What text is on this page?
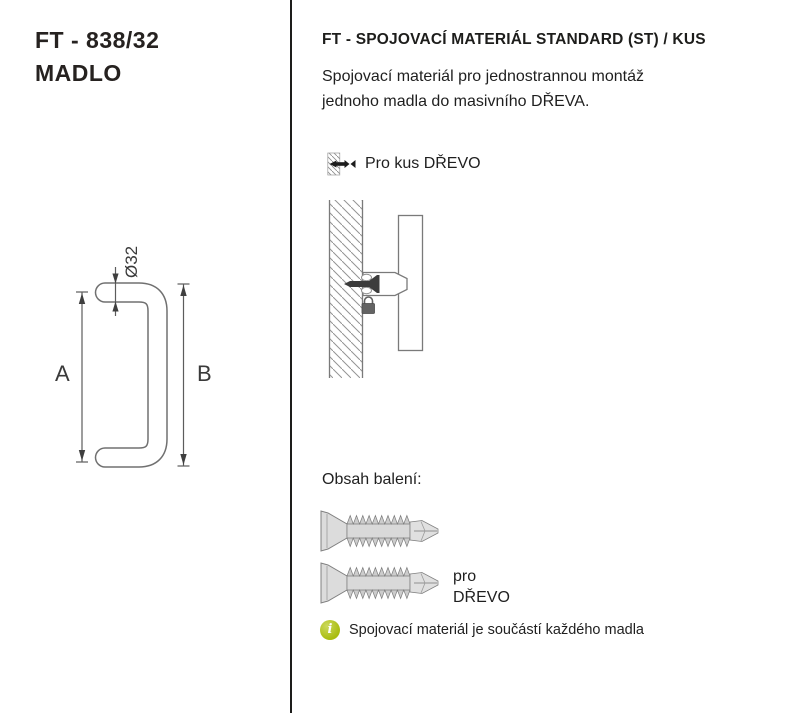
FT - 838/32
MADLO
Ø32
A	B
FT - SPOJOVACÍ MATERIÁL STANDARD (ST) / KUS
Spojovací materiál pro jednostrannou montáž
jednoho madla do masivního DŘEVA.
Pro kus DŘEVO
Obsah balení:
pro
DŘEVO
i	Spojovací materiál je součástí každého madla
